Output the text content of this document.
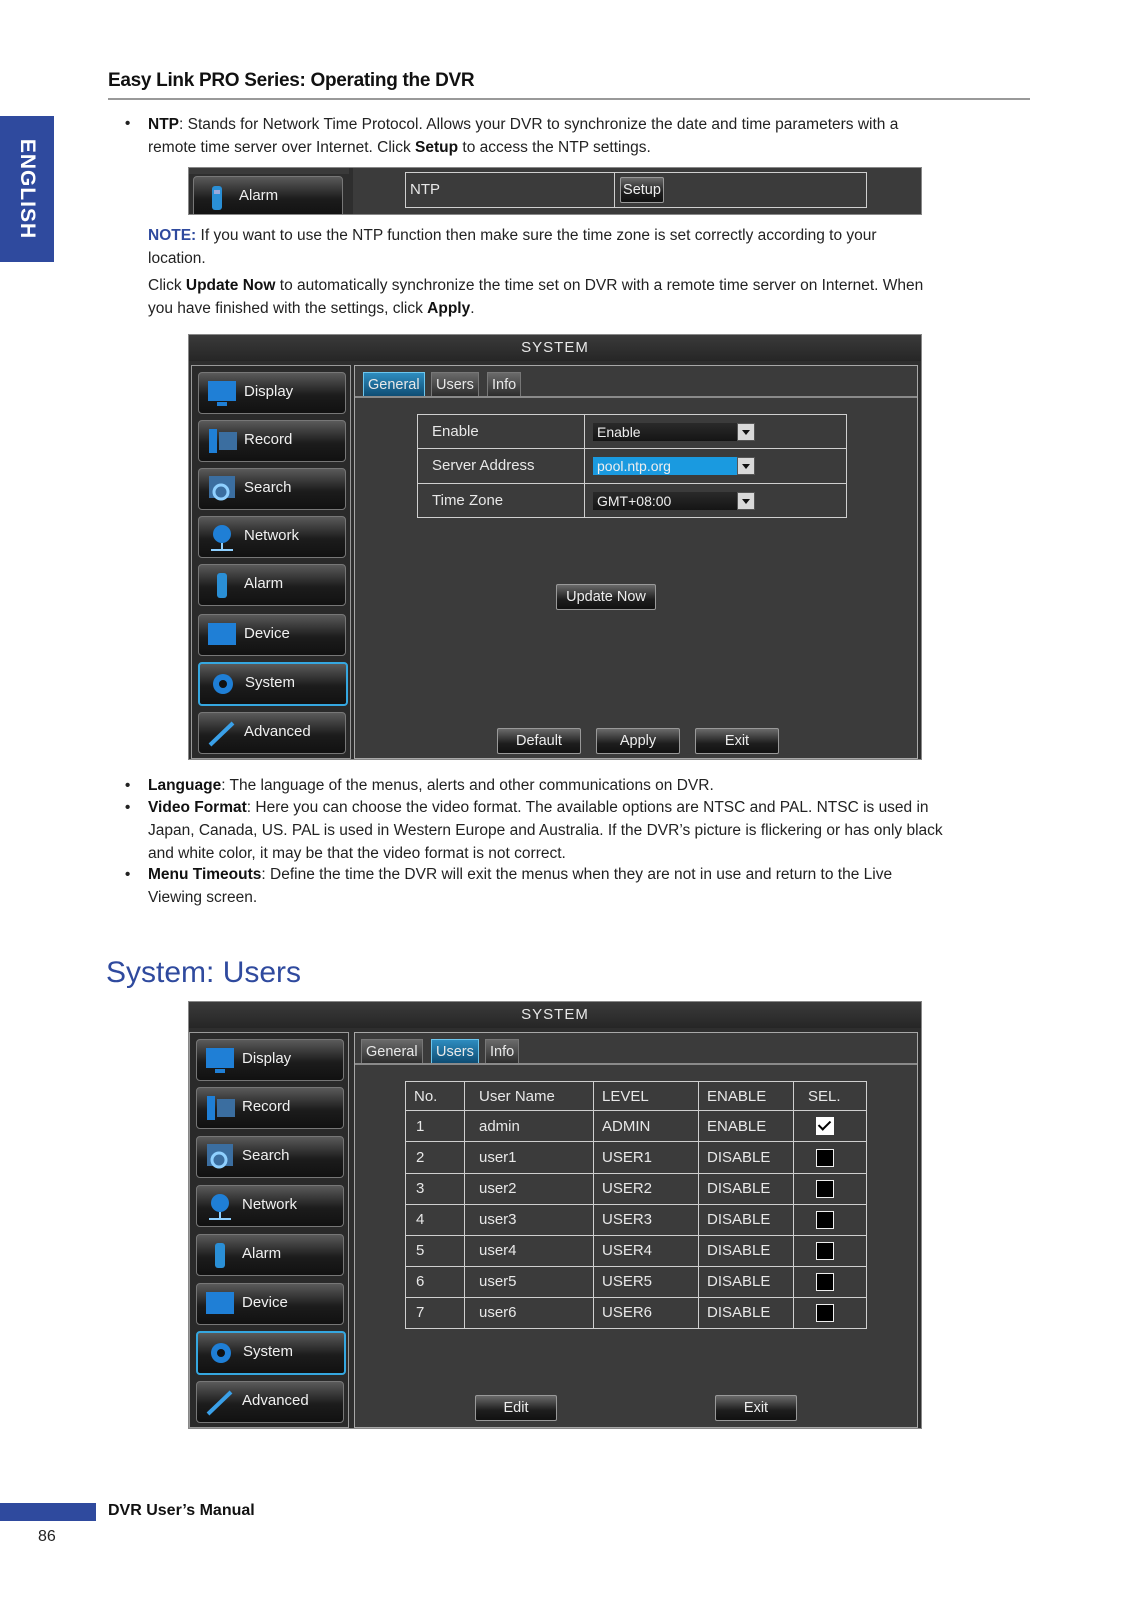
Easy Link PRO Series: Operating the DVR
ENGLISH
• NTP: Stands for Network Time Protocol. Allows your DVR to synchronize the date and time parameters with a
remote time server over Internet. Click Setup to access the NTP settings.
Alarm	NTP	Setup
NOTE: If you want to use the NTP function then make sure the time zone is set correctly according to your
location.
Click Update Now to automatically synchronize the time set on DVR with a remote time server on Internet. When
you have finished with the settings, click Apply.
SYSTEM
Display
Record
Search
Network
Alarm
Device
System
Advanced
General	Users	Info
Enable	Enable

Server Address	pool.ntp.org

Time Zone	GMT+08:00
Update Now
Default	Apply	Exit
• Language: The language of the menus, alerts and other communications on DVR.
• Video Format: Here you can choose the video format. The available options are NTSC and PAL. NTSC is used in
Japan, Canada, US. PAL is used in Western Europe and Australia. If the DVR’s picture is flickering or has only black
and white color, it may be that the video format is not correct.
• Menu Timeouts: Define the time the DVR will exit the menus when they are not in use and return to the Live
Viewing screen.
System: Users
SYSTEM
Display
Record
Search
Network
Alarm
Device
System
Advanced
General	Users	Info
No.	User Name	LEVEL	ENABLE	SEL.
1	admin	ADMIN	ENABLE	
2	user1	USER1	DISABLE	
3	user2	USER2	DISABLE	
4	user3	USER3	DISABLE	
5	user4	USER4	DISABLE	
6	user5	USER5	DISABLE	
7	user6	USER6	DISABLE	
Edit	Exit
DVR User’s Manual
86
